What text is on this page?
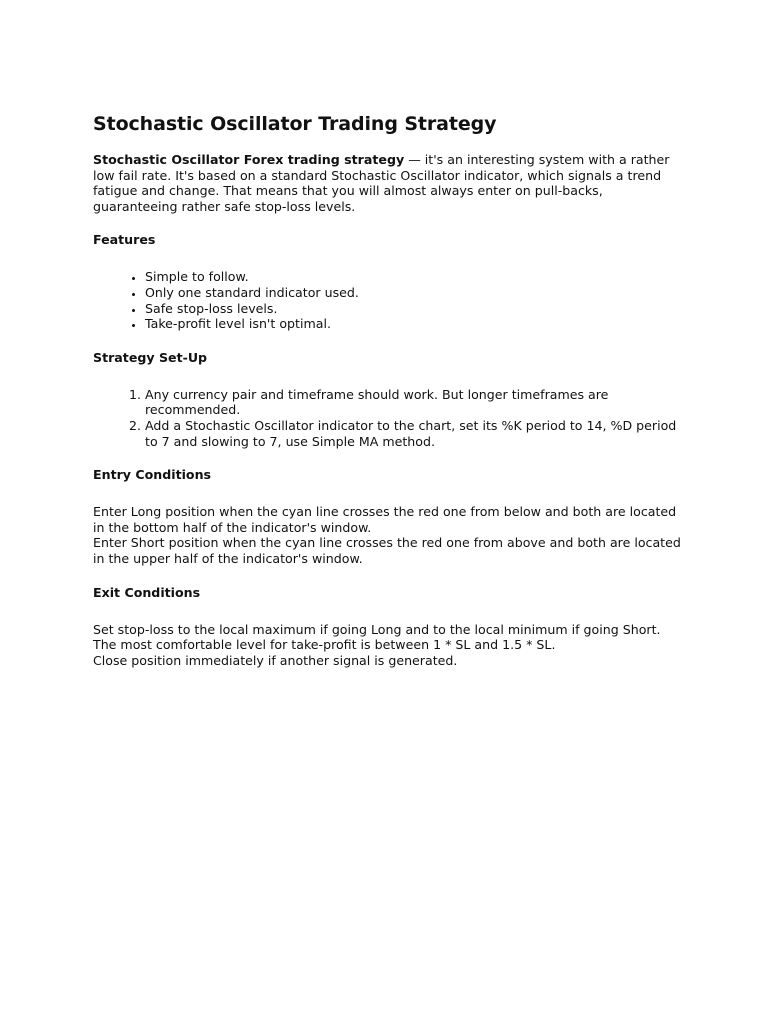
Stochastic Oscillator Trading Strategy

Stochastic Oscillator Forex trading strategy — it's an interesting system with a rather low fail rate. It's based on a standard Stochastic Oscillator indicator, which signals a trend fatigue and change. That means that you will almost always enter on pull-backs, guaranteeing rather safe stop-loss levels.

Features
• Simple to follow.
• Only one standard indicator used.
• Safe stop-loss levels.
• Take-profit level isn't optimal.
Strategy Set-Up
1. Any currency pair and timeframe should work. But longer timeframes are recommended.
2. Add a Stochastic Oscillator indicator to the chart, set its %K period to 14, %D period to 7 and slowing to 7, use Simple MA method.
Entry Conditions

Enter Long position when the cyan line crosses the red one from below and both are located in the bottom half of the indicator's window.

Enter Short position when the cyan line crosses the red one from above and both are located in the upper half of the indicator's window.

Exit Conditions

Set stop-loss to the local maximum if going Long and to the local minimum if going Short.

The most comfortable level for take-profit is between 1 * SL and 1.5 * SL.

Close position immediately if another signal is generated.
